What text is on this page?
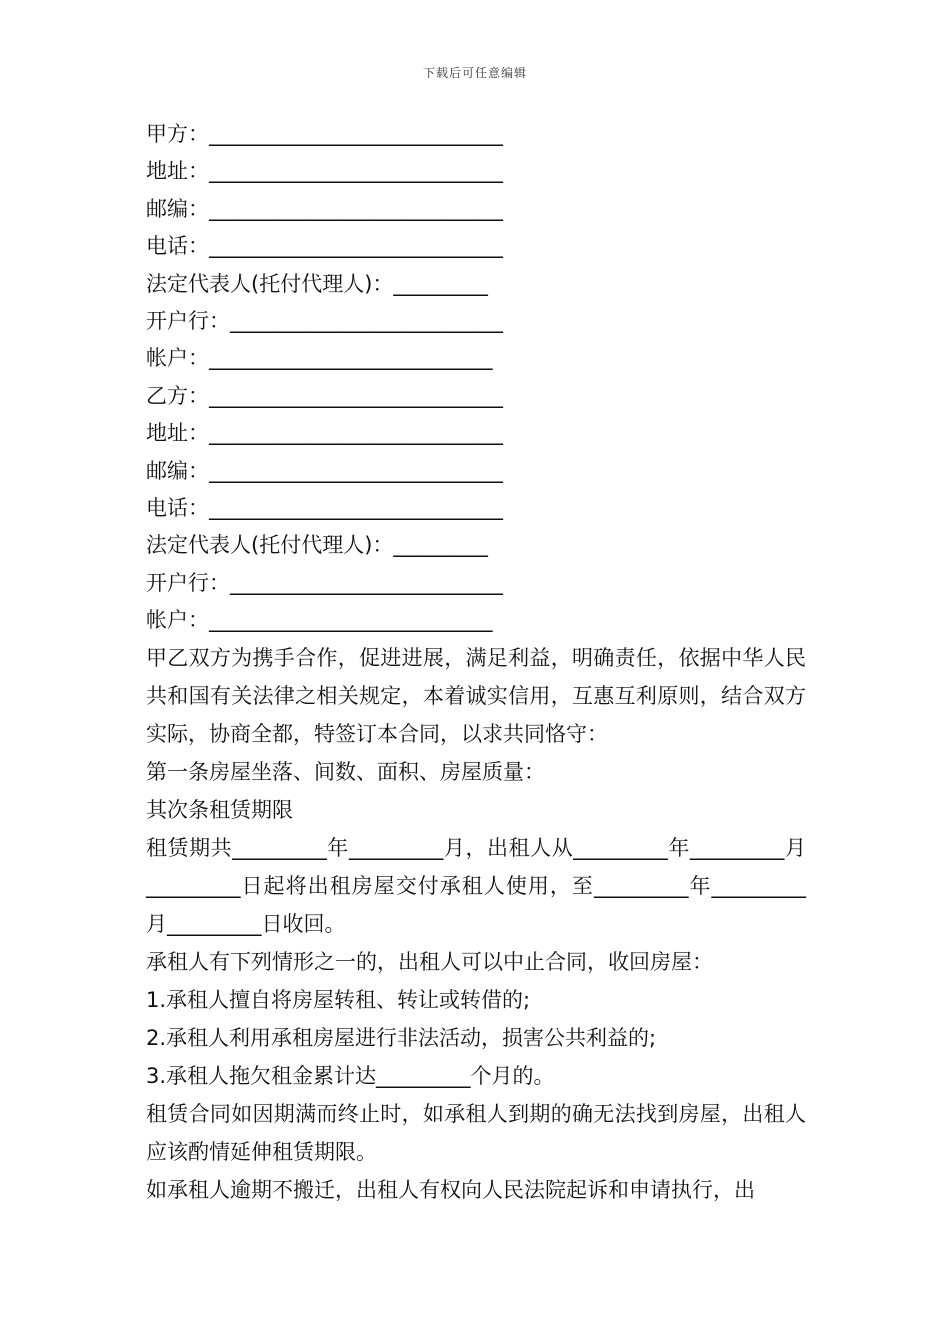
下载后可任意编辑
甲方：____________________________
地址：____________________________
邮编：____________________________
电话：____________________________
法定代表人(托付代理人)：_________
开户行：__________________________
帐户：___________________________
乙方：____________________________
地址：____________________________
邮编：____________________________
电话：____________________________
法定代表人(托付代理人)：_________
开户行：__________________________
帐户：___________________________
甲乙双方为携手合作，促进进展，满足利益，明确责任，依据中华人民共和国有关法律之相关规定，本着诚实信用，互惠互利原则，结合双方实际，协商全都，特签订本合同，以求共同恪守：
第一条房屋坐落、间数、面积、房屋质量：
其次条租赁期限
租赁期共_________年_________月，出租人从_________年_________月_________日起将出租房屋交付承租人使用，至_________年_________月_________日收回。
承租人有下列情形之一的，出租人可以中止合同，收回房屋：
1.承租人擅自将房屋转租、转让或转借的;
2.承租人利用承租房屋进行非法活动，损害公共利益的;
3.承租人拖欠租金累计达_________个月的。
租赁合同如因期满而终止时，如承租人到期的确无法找到房屋，出租人应该酌情延伸租赁期限。
如承租人逾期不搬迁，出租人有权向人民法院起诉和申请执行，出
